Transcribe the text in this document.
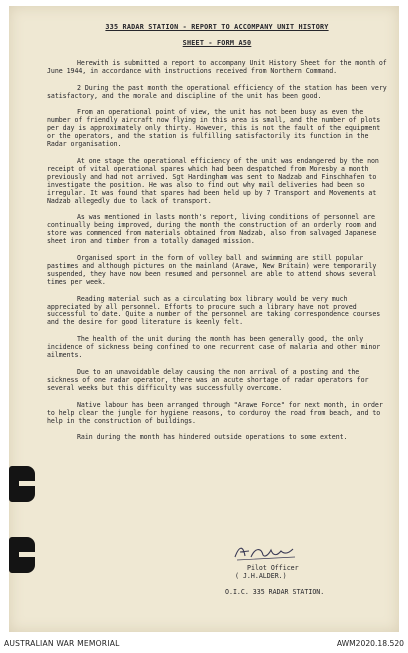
335 RADAR STATION - REPORT TO ACCOMPANY UNIT HISTORY
SHEET - FORM A50

Herewith is submitted a report to accompany Unit History Sheet for the month of June 1944, in accordance with instructions received from Northern Command.

2 During the past month the operational efficiency of the station has been very satisfactory, and the morale and discipline of the unit has been good.

From an operational point of view, the unit has not been busy as even the number of friendly aircraft now flying in this area is small, and the number of plots per day is approximately only thirty. However, this is not the fault of the equipment or the operators, and the station is fulfilling satisfactorily its function in the Radar organisation.

At one stage the operational efficiency of the unit was endangered by the non receipt of vital operational spares which had been despatched from Moresby a month previously and had not arrived. Sgt Hardingham was sent to Nadzab and Finschhafen to investigate the position. He was also to find out why mail deliveries had been so irregular. It was found that spares had been held up by 7 Transport and Movements at Nadzab allegedly due to lack of transport.

As was mentioned in lasts month's report, living conditions of personnel are continually being improved, during the month the construction of an orderly room and store was commenced from materials obtained from Nadzab, also from salvaged Japanese sheet iron and timber from a totally damaged mission.

Organised sport in the form of volley ball and swimming are still popular pastimes and although pictures on the mainland (Arawe, New Britain) were temporarily suspended, they have now been resumed and personnel are able to attend shows several times per week.

Reading material such as a circulating box library would be very much appreciated by all personnel. Efforts to procure such a library have not proved successful to date. Quite a number of the personnel are taking correspondence courses and the desire for good literature is keenly felt.

The health of the unit during the month has been generally good, the only incidence of sickness being confined to one recurrent case of malaria and other minor ailments.

Due to an unavoidable delay causing the non arrival of a posting and the sickness of one radar operator, there was an acute shortage of radar operators for several weeks but this difficulty was successfully overcome.

Native labour has been arranged through "Arawe Force" for next month, in order to help clear the jungle for hygiene reasons, to corduroy the road from beach, and to help in the construction of buildings.

Rain during the month has hindered outside operations to some extent.

Pilot Officer
( J.H.ALDER.)
O.I.C. 335 RADAR STATION.
AUSTRALIAN WAR MEMORIAL	AWM2020.18.520
